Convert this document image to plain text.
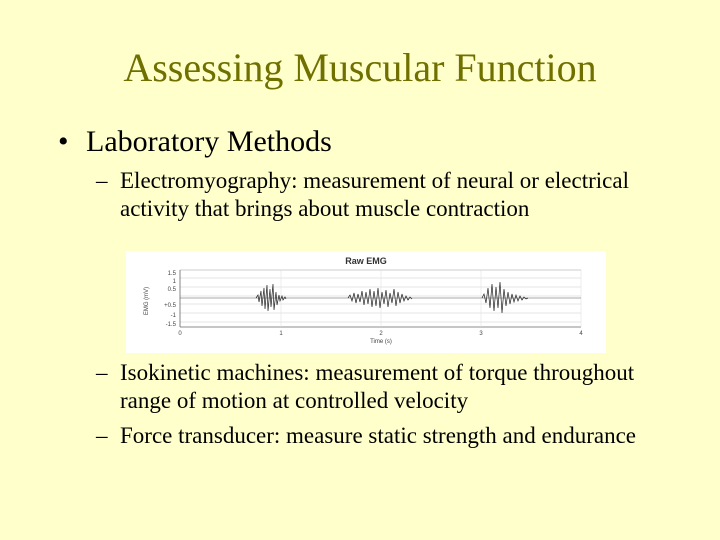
Assessing Muscular Function
• Laboratory Methods
– Electromyography: measurement of neural or electrical activity that brings about muscle contraction
Raw EMG
EMG (mV)
1.5
1
0.5
+0.5
-1
-1.5
0	1	2	3	4
Time (s)
– Isokinetic machines: measurement of torque throughout range of motion at controlled velocity
– Force transducer: measure static strength and endurance
